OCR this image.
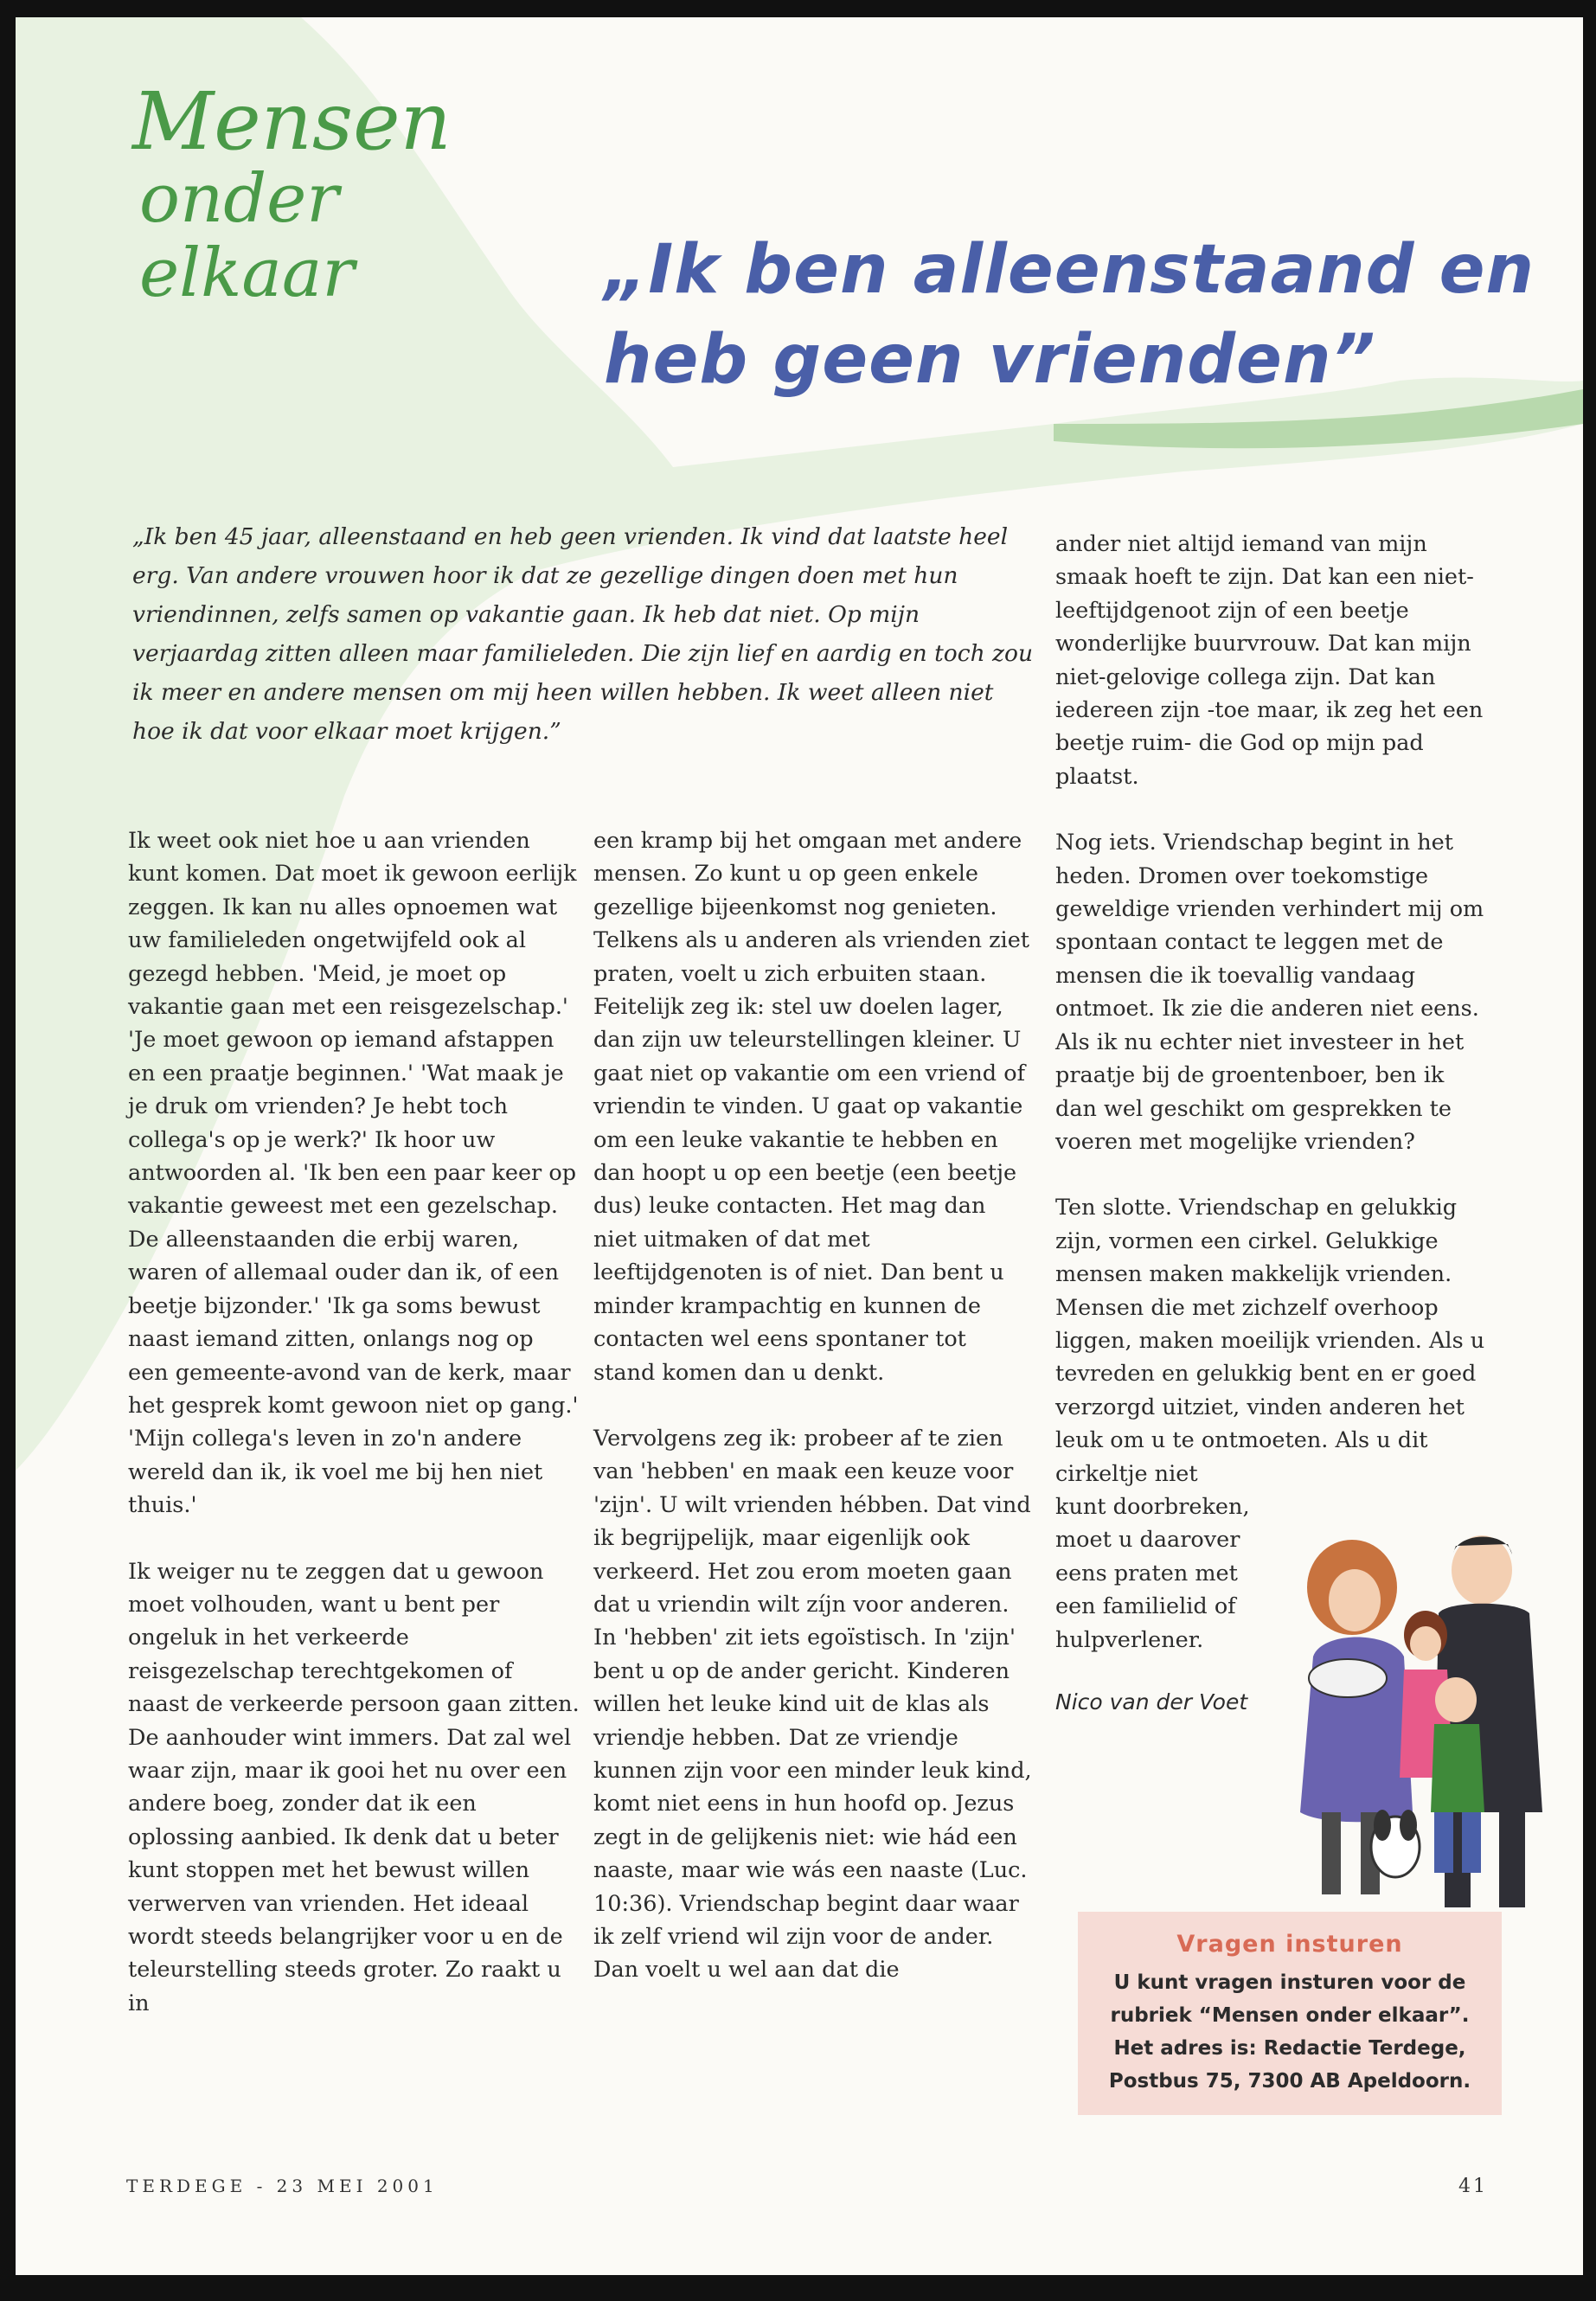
Mensen
onder
elkaar	„Ik ben alleenstaand en
heb geen vrienden”
„Ik ben 45 jaar, alleenstaand en heb geen vrienden. Ik vind dat laatste heel erg. Van andere vrouwen hoor ik dat ze gezellige dingen doen met hun vriendinnen, zelfs samen op vakantie gaan. Ik heb dat niet. Op mijn verjaardag zitten alleen maar familieleden. Die zijn lief en aardig en toch zou ik meer en andere mensen om mij heen willen hebben. Ik weet alleen niet hoe ik dat voor elkaar moet krijgen.”

Ik weet ook niet hoe u aan vrienden kunt komen. Dat moet ik gewoon eerlijk zeggen. Ik kan nu alles opnoemen wat uw familieleden ongetwijfeld ook al gezegd hebben. 'Meid, je moet op vakantie gaan met een reisgezelschap.' 'Je moet gewoon op iemand afstappen en een praatje beginnen.' 'Wat maak je je druk om vrienden? Je hebt toch collega's op je werk?' Ik hoor uw antwoorden al. 'Ik ben een paar keer op vakantie geweest met een gezelschap. De alleenstaanden die erbij waren, waren of allemaal ouder dan ik, of een beetje bijzonder.' 'Ik ga soms bewust naast iemand zitten, onlangs nog op een gemeente-avond van de kerk, maar het gesprek komt gewoon niet op gang.' 'Mijn collega's leven in zo'n andere wereld dan ik, ik voel me bij hen niet thuis.'

Ik weiger nu te zeggen dat u gewoon moet volhouden, want u bent per ongeluk in het verkeerde reisgezelschap terechtgekomen of naast de verkeerde persoon gaan zitten. De aanhouder wint immers. Dat zal wel waar zijn, maar ik gooi het nu over een andere boeg, zonder dat ik een oplossing aanbied. Ik denk dat u beter kunt stoppen met het bewust willen verwerven van vrienden. Het ideaal wordt steeds belangrijker voor u en de teleurstelling steeds groter. Zo raakt u in

een kramp bij het omgaan met andere mensen. Zo kunt u op geen enkele gezellige bijeenkomst nog genieten. Telkens als u anderen als vrienden ziet praten, voelt u zich erbuiten staan. Feitelijk zeg ik: stel uw doelen lager, dan zijn uw teleurstellingen kleiner. U gaat niet op vakantie om een vriend of vriendin te vinden. U gaat op vakantie om een leuke vakantie te hebben en dan hoopt u op een beetje (een beetje dus) leuke contacten. Het mag dan niet uitmaken of dat met leeftijdgenoten is of niet. Dan bent u minder krampachtig en kunnen de contacten wel eens spontaner tot stand komen dan u denkt.

Vervolgens zeg ik: probeer af te zien van 'hebben' en maak een keuze voor 'zijn'. U wilt vrienden hébben. Dat vind ik begrijpelijk, maar eigenlijk ook verkeerd. Het zou erom moeten gaan dat u vriendin wilt zíjn voor anderen. In 'hebben' zit iets egoïstisch. In 'zijn' bent u op de ander gericht. Kinderen willen het leuke kind uit de klas als vriendje hebben. Dat ze vriendje kunnen zijn voor een minder leuk kind, komt niet eens in hun hoofd op. Jezus zegt in de gelijkenis niet: wie hád een naaste, maar wie wás een naaste (Luc. 10:36). Vriendschap begint daar waar ik zelf vriend wil zijn voor de ander. Dan voelt u wel aan dat die

ander niet altijd iemand van mijn smaak hoeft te zijn. Dat kan een niet-leeftijdgenoot zijn of een beetje wonderlijke buurvrouw. Dat kan mijn niet-gelovige collega zijn. Dat kan iedereen zijn -toe maar, ik zeg het een beetje ruim- die God op mijn pad plaatst.

Nog iets. Vriendschap begint in het heden. Dromen over toekomstige geweldige vrienden verhindert mij om spontaan contact te leggen met de mensen die ik toevallig vandaag ontmoet. Ik zie die anderen niet eens. Als ik nu echter niet investeer in het praatje bij de groentenboer, ben ik dan wel geschikt om gesprekken te voeren met mogelijke vrienden?

Ten slotte. Vriendschap en gelukkig zijn, vormen een cirkel. Gelukkige mensen maken makkelijk vrienden. Mensen die met zichzelf overhoop liggen, maken moeilijk vrienden. Als u tevreden en gelukkig bent en er goed verzorgd uitziet, vinden anderen het leuk om u te ontmoeten. Als u dit cirkeltje niet

kunt doorbreken, moet u daarover eens praten met een familielid of hulpverlener.

Nico van der Voet

Vragen insturen
U kunt vragen insturen voor de
rubriek “Mensen onder elkaar”.
Het adres is: Redactie Terdege,
Postbus 75, 7300 AB Apeldoorn.
TERDEGE - 23 MEI 2001	41
